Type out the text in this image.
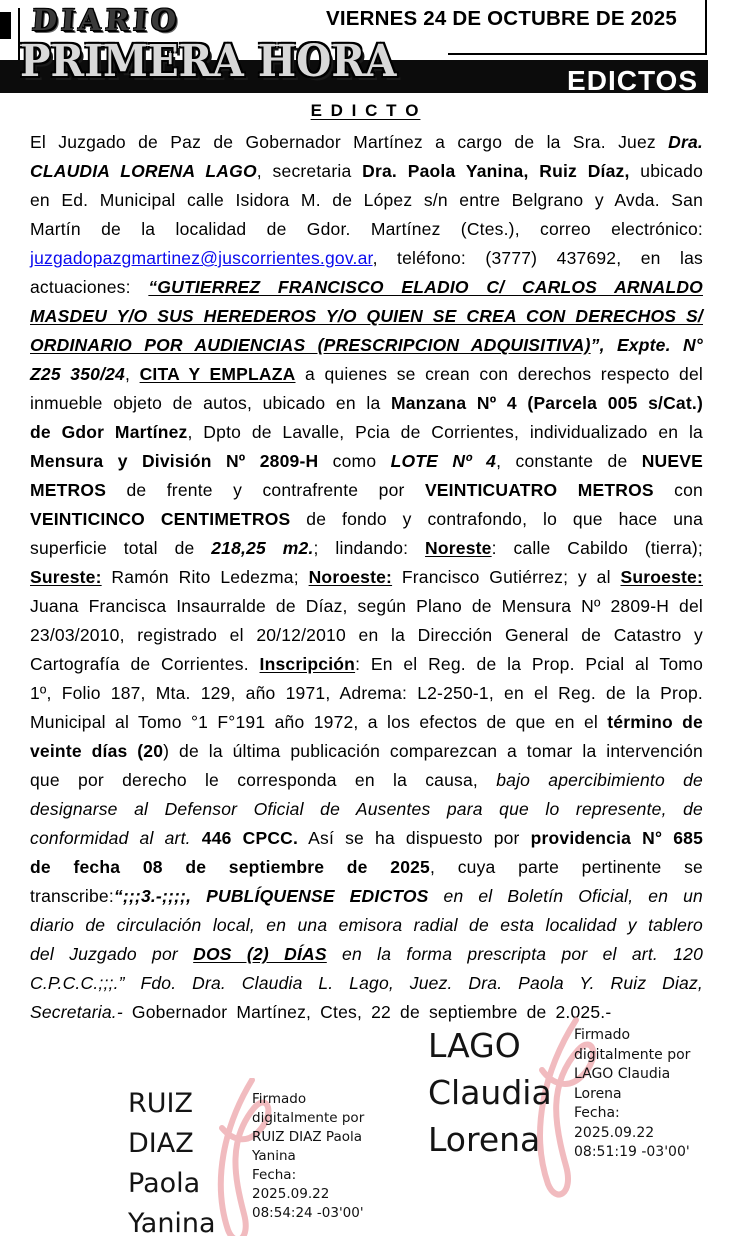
EDICTOS
DIARIO
PRIMERA HORA
VIERNES 24 DE OCTUBRE DE 2025
E D I C T O

El Juzgado de Paz de Gobernador Martínez a cargo de la Sra. Juez Dra. CLAUDIA LORENA LAGO, secretaria Dra. Paola Yanina, Ruiz Díaz, ubicado en Ed. Municipal calle Isidora M. de López s/n entre Belgrano y Avda. San Martín de la localidad de Gdor. Martínez (Ctes.), correo electrónico: juzgadopazgmartinez@juscorrientes.gov.ar, teléfono: (3777) 437692, en las actuaciones: “GUTIERREZ FRANCISCO ELADIO C/ CARLOS ARNALDO MASDEU Y/O SUS HEREDEROS Y/O QUIEN SE CREA CON DERECHOS S/ ORDINARIO POR AUDIENCIAS (PRESCRIPCION ADQUISITIVA)”, Expte. N° Z25 350/24, CITA Y EMPLAZA a quienes se crean con derechos respecto del inmueble objeto de autos, ubicado en la Manzana Nº 4 (Parcela 005 s/Cat.) de Gdor Martínez, Dpto de Lavalle, Pcia de Corrientes, individualizado en la Mensura y División Nº 2809-H como LOTE Nº 4, constante de NUEVE METROS de frente y contrafrente por VEINTICUATRO METROS con VEINTICINCO CENTIMETROS de fondo y contrafondo, lo que hace una superficie total de 218,25 m2.; lindando: Noreste: calle Cabildo (tierra); Sureste: Ramón Rito Ledezma; Noroeste: Francisco Gutiérrez; y al Suroeste: Juana Francisca Insaurralde de Díaz, según Plano de Mensura Nº 2809-H del 23/03/2010, registrado el 20/12/2010 en la Dirección General de Catastro y Cartografía de Corrientes. Inscripción: En el Reg. de la Prop. Pcial al Tomo 1º, Folio 187, Mta. 129, año 1971, Adrema: L2-250-1, en el Reg. de la Prop. Municipal al Tomo °1 F°191 año 1972, a los efectos de que en el término de veinte días (20) de la última publicación comparezcan a tomar la intervención que por derecho le corresponda en la causa, bajo apercibimiento de designarse al Defensor Oficial de Ausentes para que lo represente, de conformidad al art. 446 CPCC. Así se ha dispuesto por providencia N° 685 de fecha 08 de septiembre de 2025, cuya parte pertinente se transcribe:“;;;3.-;;;;, PUBLÍQUENSE EDICTOS en el Boletín Oficial, en un diario de circulación local, en una emisora radial de esta localidad y tablero del Juzgado por DOS (2) DÍAS en la forma prescripta por el art. 120 C.P.C.C.;;;.” Fdo. Dra. Claudia L. Lago, Juez. Dra. Paola Y. Ruiz Diaz, Secretaria.- Gobernador Martínez, Ctes, 22 de septiembre de 2.025.-

RUIZ
DIAZ
Paola
Yanina
Firmado
digitalmente por
RUIZ DIAZ Paola
Yanina
Fecha:
2025.09.22
08:54:24 -03'00'
LAGO
Claudia
Lorena
Firmado
digitalmente por
LAGO Claudia
Lorena
Fecha:
2025.09.22
08:51:19 -03'00'
